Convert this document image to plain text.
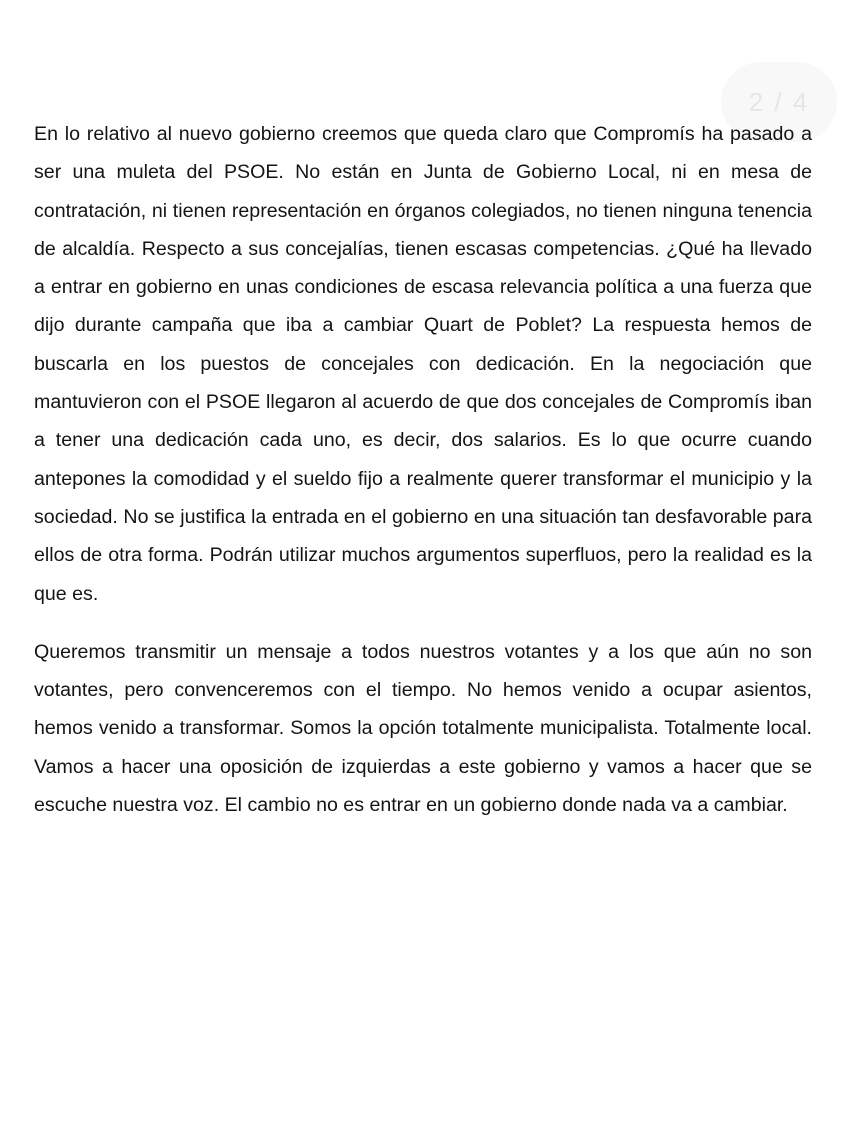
2 / 4

En lo relativo al nuevo gobierno creemos que queda claro que Compromís ha pasado a ser una muleta del PSOE. No están en Junta de Gobierno Local, ni en mesa de contratación, ni tienen representación en órganos colegiados, no tienen ninguna tenencia de alcaldía. Respecto a sus concejalías, tienen escasas competencias. ¿Qué ha llevado a entrar en gobierno en unas condiciones de escasa relevancia política a una fuerza que dijo durante campaña que iba a cambiar Quart de Poblet? La respuesta hemos de buscarla en los puestos de concejales con dedicación. En la negociación que mantuvieron con el PSOE llegaron al acuerdo de que dos concejales de Compromís iban a tener una dedicación cada uno, es decir, dos salarios. Es lo que ocurre cuando antepones la comodidad y el sueldo fijo a realmente querer transformar el municipio y la sociedad. No se justifica la entrada en el gobierno en una situación tan desfavorable para ellos de otra forma. Podrán utilizar muchos argumentos superfluos, pero la realidad es la que es.

Queremos transmitir un mensaje a todos nuestros votantes y a los que aún no son votantes, pero convenceremos con el tiempo. No hemos venido a ocupar asientos, hemos venido a transformar. Somos la opción totalmente municipalista. Totalmente local. Vamos a hacer una oposición de izquierdas a este gobierno y vamos a hacer que se escuche nuestra voz. El cambio no es entrar en un gobierno donde nada va a cambiar.
